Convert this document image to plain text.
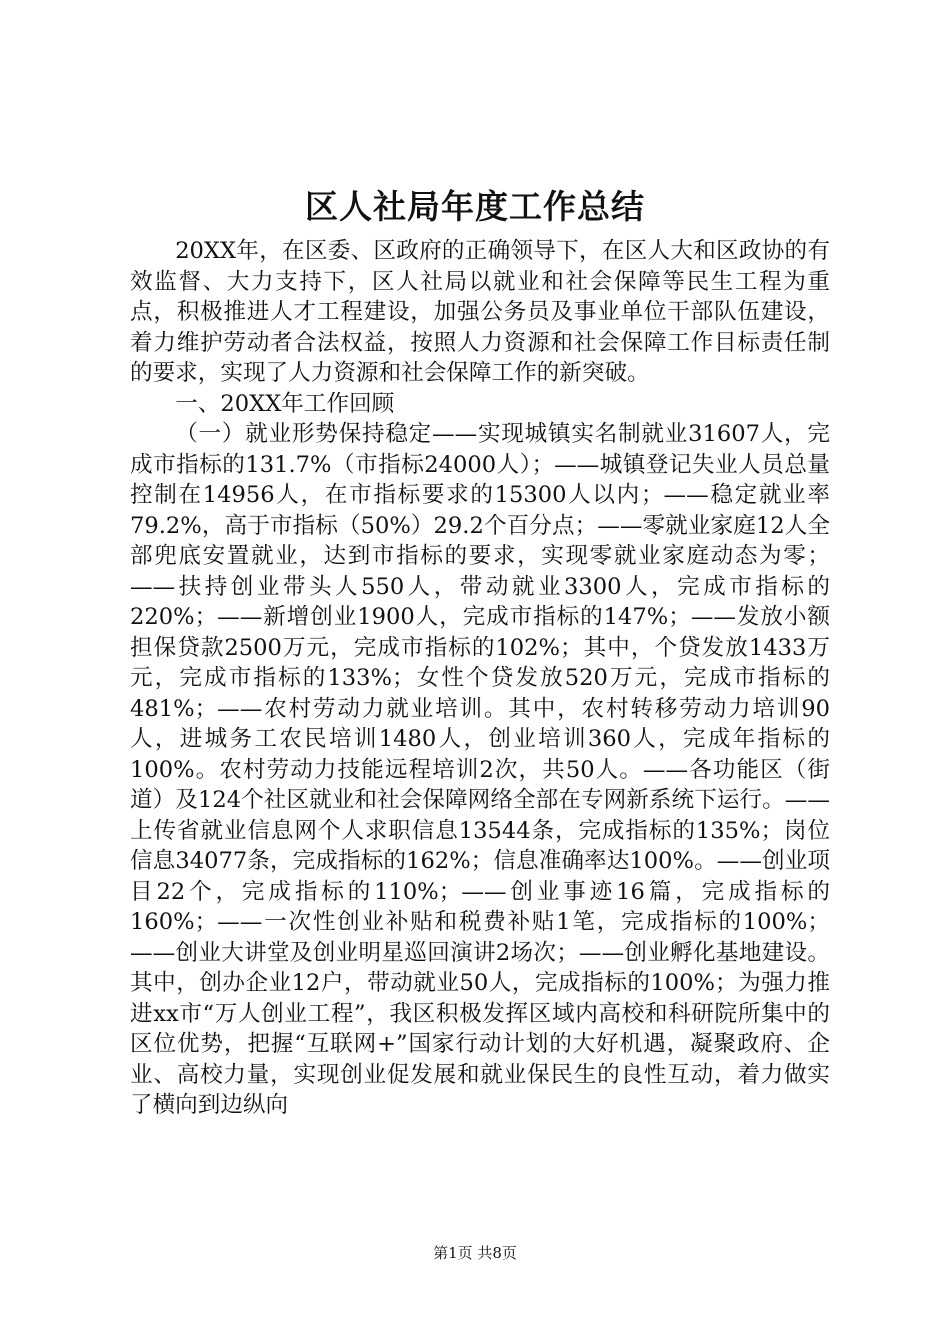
区人社局年度工作总结

20XX年，在区委、区政府的正确领导下，在区人大和区政协的有效监督、大力支持下，区人社局以就业和社会保障等民生工程为重点，积极推进人才工程建设，加强公务员及事业单位干部队伍建设，着力维护劳动者合法权益，按照人力资源和社会保障工作目标责任制的要求，实现了人力资源和社会保障工作的新突破。

一、20XX年工作回顾

（一）就业形势保持稳定——实现城镇实名制就业31607人，完成市指标的131.7%（市指标24000人）；——城镇登记失业人员总量控制在14956人，在市指标要求的15300人以内；——稳定就业率79.2%，高于市指标（50%）29.2个百分点；——零就业家庭12人全部兜底安置就业，达到市指标的要求，实现零就业家庭动态为零；——扶持创业带头人550人，带动就业3300人，完成市指标的220%；——新增创业1900人，完成市指标的147%；——发放小额担保贷款2500万元，完成市指标的102%；其中，个贷发放1433万元，完成市指标的133%；女性个贷发放520万元，完成市指标的481%；——农村劳动力就业培训。其中，农村转移劳动力培训90人，进城务工农民培训1480人，创业培训360人，完成年指标的100%。农村劳动力技能远程培训2次，共50人。——各功能区（街道）及124个社区就业和社会保障网络全部在专网新系统下运行。——上传省就业信息网个人求职信息13544条，完成指标的135%；岗位信息34077条，完成指标的162%；信息准确率达100%。——创业项目22个，完成指标的110%；——创业事迹16篇，完成指标的160%；——一次性创业补贴和税费补贴1笔，完成指标的100%；——创业大讲堂及创业明星巡回演讲2场次；——创业孵化基地建设。其中，创办企业12户，带动就业50人，完成指标的100%；为强力推进xx市“万人创业工程”，我区积极发挥区域内高校和科研院所集中的区位优势，把握“互联网+”国家行动计划的大好机遇，凝聚政府、企业、高校力量，实现创业促发展和就业保民生的良性互动，着力做实了横向到边纵向

第1页 共8页
